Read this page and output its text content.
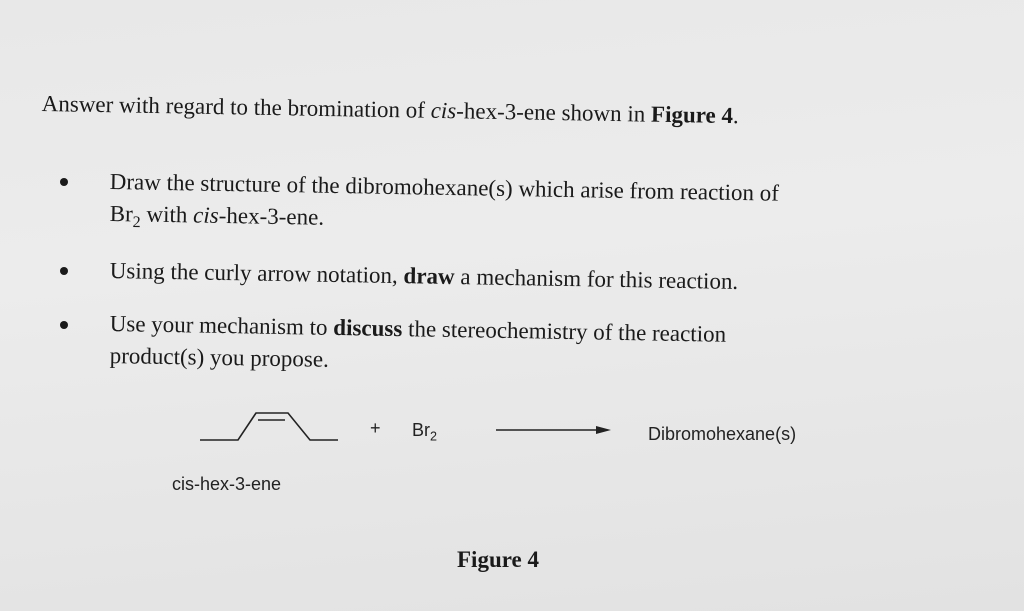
Answer with regard to the bromination of cis-hex-3-ene shown in Figure 4.
Draw the structure of the dibromohexane(s) which arise from reaction of
$Br_2$ with cis-hex-3-ene.
Using the curly arrow notation, draw a mechanism for this reaction.
Use your mechanism to discuss the stereochemistry of the reaction
product(s) you propose.
+ $Br_2$	Dibromohexane(s)
cis-hex-3-ene
Figure 4
